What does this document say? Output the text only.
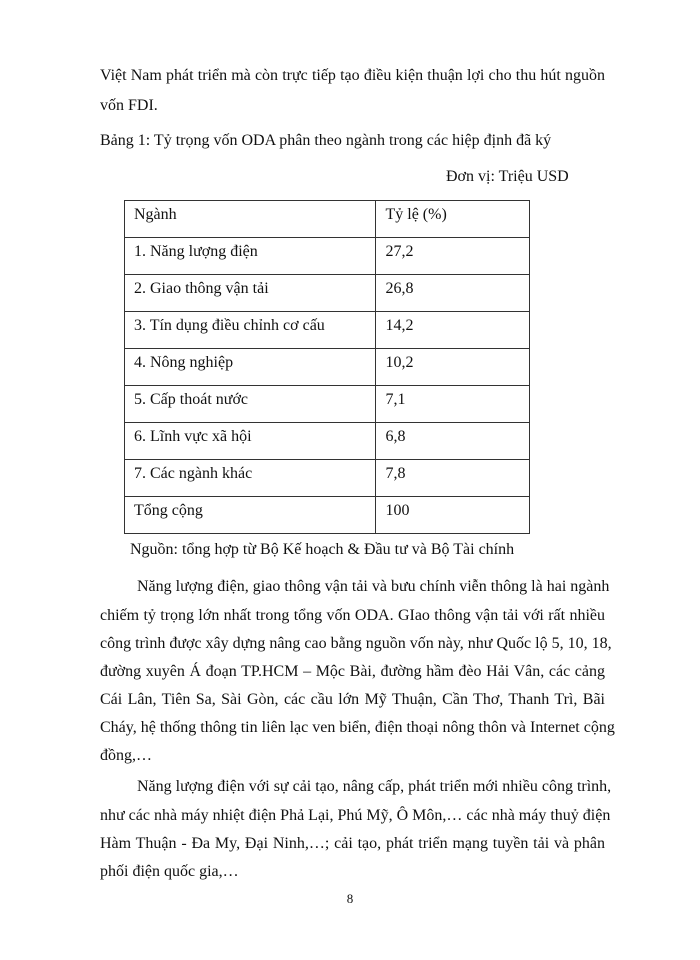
Việt Nam phát triển mà còn trực tiếp tạo điều kiện thuận lợi cho thu hút nguồn
vốn FDI.
Bảng 1: Tỷ trọng vốn ODA phân theo ngành trong các hiệp định đã ký
Đơn vị: Triệu USD
Ngành	Tỷ lệ (%)
1. Năng lượng điện	27,2
2. Giao thông vận tải	26,8
3. Tín dụng điều chỉnh cơ cấu	14,2
4. Nông nghiệp	10,2
5. Cấp thoát nước	7,1
6. Lĩnh vực xã hội	6,8
7. Các ngành khác	7,8
Tổng cộng	100
Nguồn: tổng hợp từ Bộ Kế hoạch & Đầu tư và Bộ Tài chính
Năng lượng điện, giao thông vận tải và bưu chính viễn thông là hai ngành
chiếm tỷ trọng lớn nhất trong tổng vốn ODA. GIao thông vận tải với rất nhiều
công trình được xây dựng nâng cao bằng nguồn vốn này, như Quốc lộ 5, 10, 18,
đường xuyên Á đoạn TP.HCM – Mộc Bài, đường hầm đèo Hải Vân, các cảng
Cái Lân, Tiên Sa, Sài Gòn, các cầu lớn Mỹ Thuận, Cần Thơ, Thanh Trì, Bãi
Cháy, hệ thống thông tin liên lạc ven biển, điện thoại nông thôn và Internet cộng
đồng,…
Năng lượng điện với sự cải tạo, nâng cấp, phát triển mới nhiều công trình,
như các nhà máy nhiệt điện Phả Lại, Phú Mỹ, Ô Môn,… các nhà máy thuỷ điện
Hàm Thuận - Đa My, Đại Ninh,…; cải tạo, phát triển mạng tuyền tải và phân
phối điện quốc gia,…
8
